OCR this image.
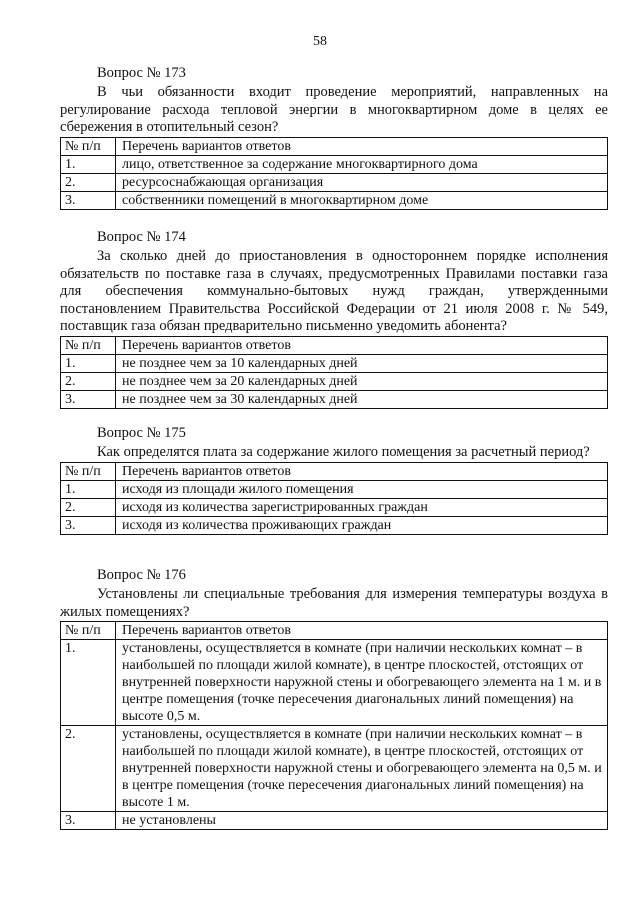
58
Вопрос № 173

В чьи обязанности входит проведение мероприятий, направленных на регулирование расхода тепловой энергии в многоквартирном доме в целях ее сбережения в отопительный сезон?

№ п/п	Перечень вариантов ответов
1.	лицо, ответственное за содержание многоквартирного дома
2.	ресурсоснабжающая организация
3.	собственники помещений в многоквартирном доме
Вопрос № 174

За сколько дней до приостановления в одностороннем порядке исполнения обязательств по поставке газа в случаях, предусмотренных Правилами поставки газа для обеспечения коммунально-бытовых нужд граждан, утвержденными постановлением Правительства Российской Федерации от 21 июля 2008 г. № 549, поставщик газа обязан предварительно письменно уведомить абонента?

№ п/п	Перечень вариантов ответов
1.	не позднее чем за 10 календарных дней
2.	не позднее чем за 20 календарных дней
3.	не позднее чем за 30 календарных дней
Вопрос № 175

Как определятся плата за содержание жилого помещения за расчетный период?

№ п/п	Перечень вариантов ответов
1.	исходя из площади жилого помещения
2.	исходя из количества зарегистрированных граждан
3.	исходя из количества проживающих граждан
Вопрос № 176

Установлены ли специальные требования для измерения температуры воздуха в жилых помещениях?

№ п/п	Перечень вариантов ответов
1.	установлены, осуществляется в комнате (при наличии нескольких комнат – в наибольшей по площади жилой комнате), в центре плоскостей, отстоящих от внутренней поверхности наружной стены и обогревающего элемента на 1 м. и в центре помещения (точке пересечения диагональных линий помещения) на высоте 0,5 м.
2.	установлены, осуществляется в комнате (при наличии нескольких комнат – в наибольшей по площади жилой комнате), в центре плоскостей, отстоящих от внутренней поверхности наружной стены и обогревающего элемента на 0,5 м. и в центре помещения (точке пересечения диагональных линий помещения) на высоте 1 м.
3.	не установлены
